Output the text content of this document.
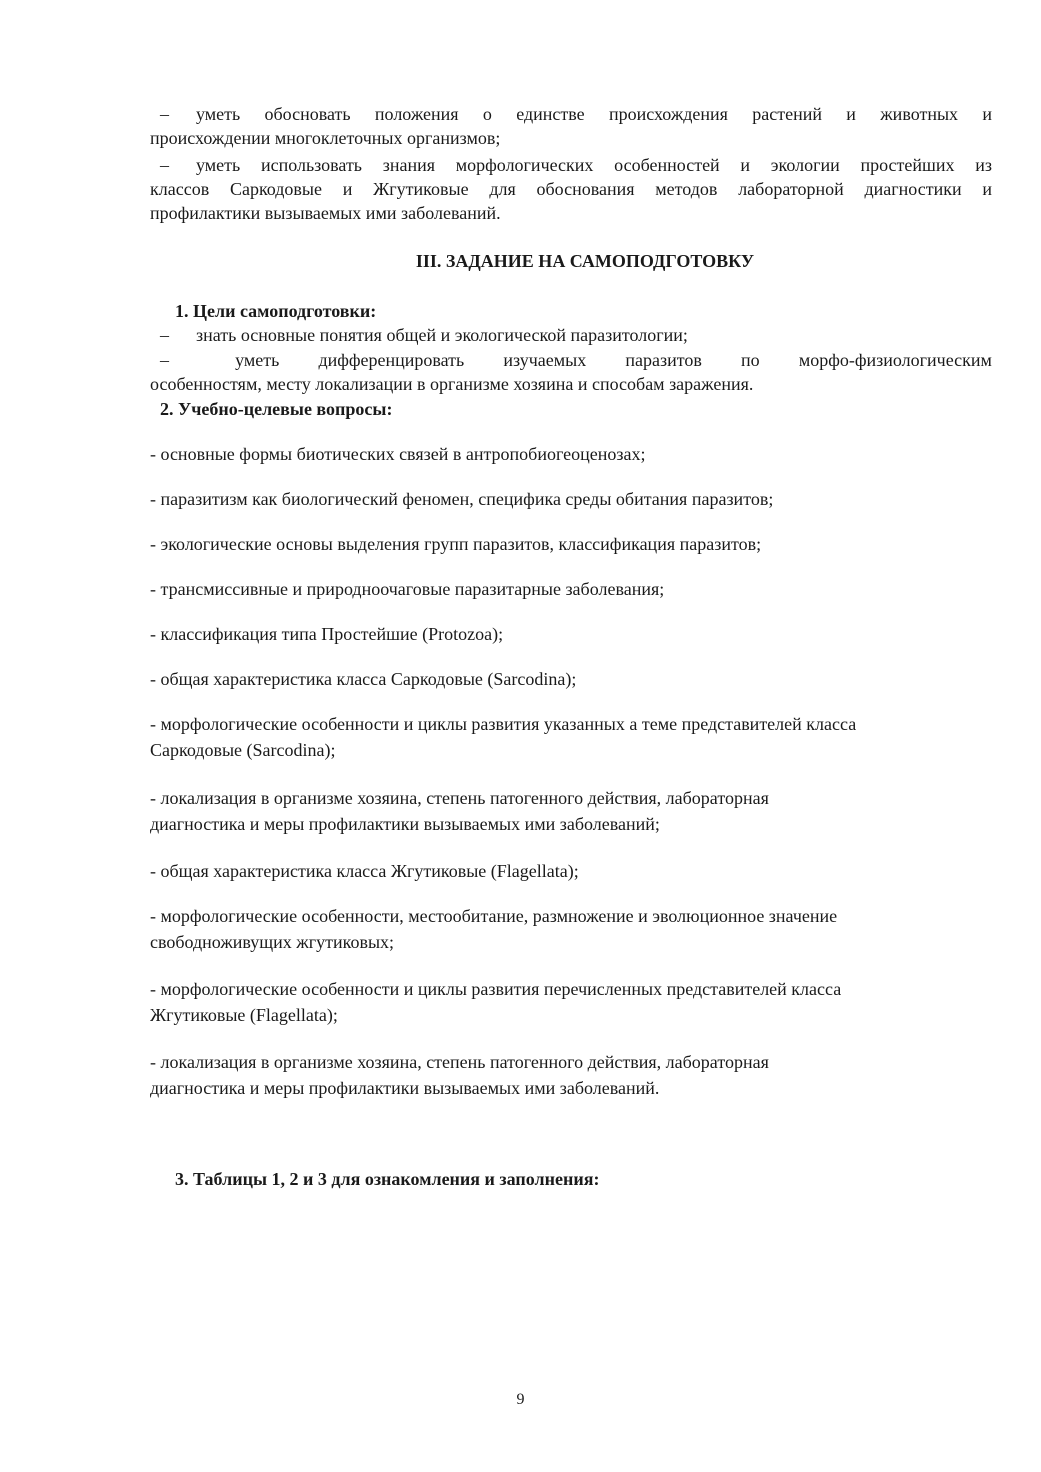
–	уметь обосновать положения о единстве происхождения растений и животных и
происхождении многоклеточных организмов;
–	уметь использовать знания морфологических особенностей и экологии простейших из
классов Саркодовые и Жгутиковые для обоснования методов лабораторной диагностики и
профилактики вызываемых ими заболеваний.
III. ЗАДАНИЕ НА САМОПОДГОТОВКУ
1. Цели самоподготовки:
–	знать основные понятия общей и экологической паразитологии;
–	уметь дифференцировать изучаемых паразитов по морфо-физиологическим
особенностям, месту локализации в организме хозяина и способам заражения.
2. Учебно-целевые вопросы:
- основные формы биотических связей в антропобиогеоценозах;
- паразитизм как биологический феномен, специфика среды обитания паразитов;
- экологические основы выделения групп паразитов, классификация паразитов;
- трансмиссивные и природноочаговые паразитарные заболевания;
- классификация типа Простейшие (Protozoa);
- общая характеристика класса Саркодовые (Sarcodina);
- морфологические особенности и циклы развития указанных а теме представителей класса
Саркодовые (Sarcodina);
- локализация в организме хозяина, степень патогенного действия, лабораторная
диагностика и меры профилактики вызываемых ими заболеваний;
- общая характеристика класса Жгутиковые (Flagellata);
- морфологические особенности, местообитание, размножение и эволюционное значение
свободноживущих жгутиковых;
- морфологические особенности и циклы развития перечисленных представителей класса
Жгутиковые (Flagellata);
- локализация в организме хозяина, степень патогенного действия, лабораторная
диагностика и меры профилактики вызываемых ими заболеваний.
3. Таблицы 1, 2 и 3 для ознакомления и заполнения:
9
